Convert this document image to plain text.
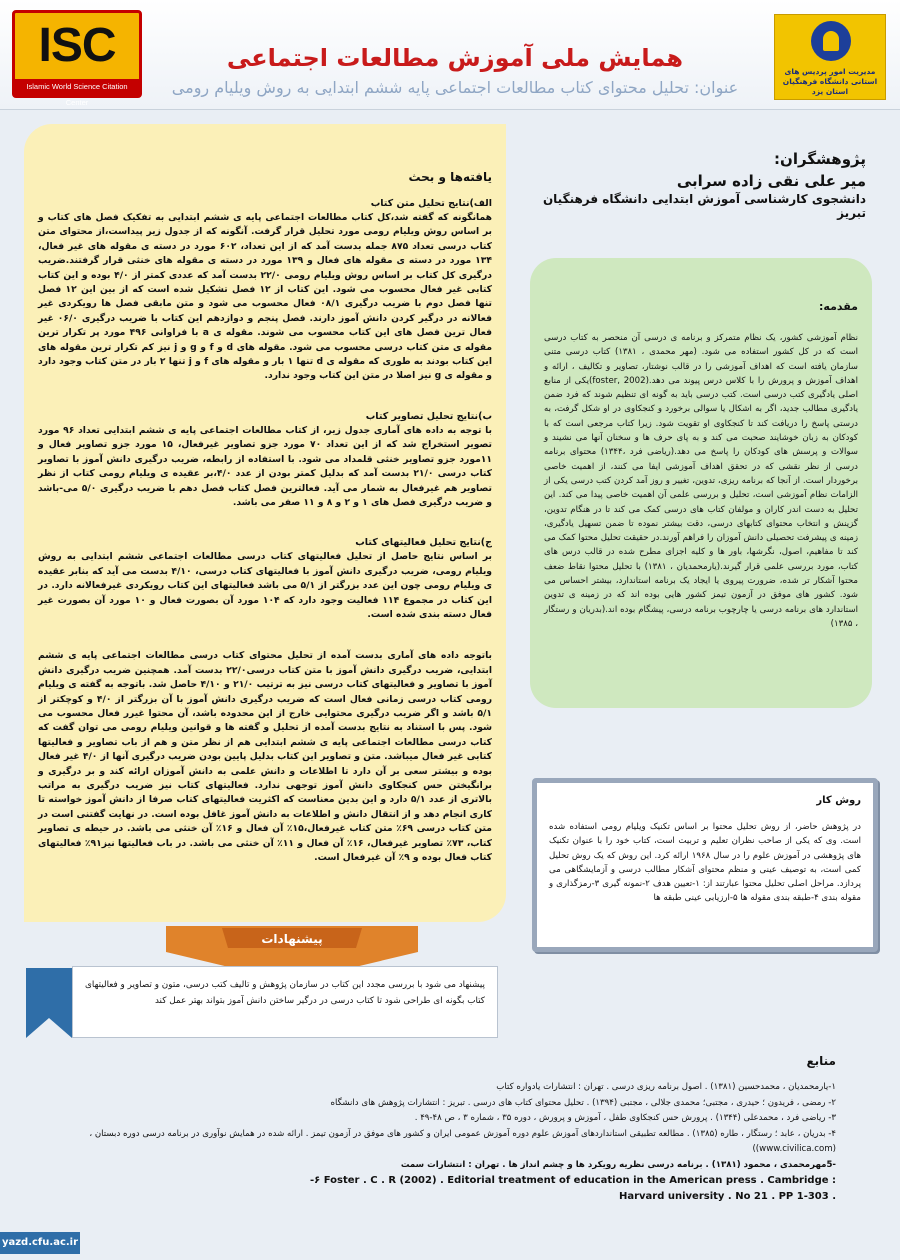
ISC
Islamic World Science Citation Center
همایش ملی آموزش مطالعات اجتماعی
عنوان: تحلیل محتوای کتاب مطالعات اجتماعی پایه ششم ابتدایی به روش ویلیام رومی
مدیریت امور پردیس های استانی دانشگاه فرهنگیان استان یزد
یافته‌ها و بحث
الف)نتایج تحلیل متن کتاب

همانگونه که گفته شد،کل کتاب مطالعات اجتماعی پایه ی ششم ابتدایی به تفکیک فصل های کتاب و بر اساس روش ویلیام رومی مورد تحلیل قرار گرفت. آنگونه که از جدول زیر پیداست،از محتوای متن کتاب درسی تعداد ۸۷۵ جمله بدست آمد که از این تعداد، ۶۰۲ مورد در دسته ی مقوله های غیر فعال، ۱۳۴ مورد در دسته ی مقوله های فعال و ۱۳۹ مورد در دسته ی مقوله های خنثی قرار گرفتند.ضریب درگیری کل کتاب بر اساس روش ویلیام رومی ۲۲/۰ بدست آمد که عددی کمتر از ۴/۰ بوده و این کتاب کتابی غیر فعال محسوب می شود. این کتاب از ۱۲ فصل تشکیل شده است که از بین این ۱۲ فصل تنها فصل دوم با ضریب درگیری ۰۸/۱ فعال محسوب می شود و متن مابقی فصل ها رویکردی غیر فعالانه در درگیر کردن دانش آموز دارند. فصل پنجم و دوازدهم این کتاب با ضریب درگیری ۰۶/۰ غیر فعال ترین فصل های این کتاب محسوب می شوند. مقوله ی a با فراوانی ۴۹۶ مورد پر تکرار ترین مقوله ی متن کتاب درسی محسوب می شود. مقوله های d و f و g و j نیز کم تکرار ترین مقوله های این کتاب بودند به طوری که مقوله ی d تنها ۱ بار و مقوله های f و j تنها ۲ بار در متن کتاب وجود دارد و مقوله ی g نیز اصلا در متن این کتاب وجود ندارد.

ب)نتایج تحلیل تصاویر کتاب

با توجه به داده های آماری جدول زیر، از کتاب مطالعات اجتماعی پایه ی ششم ابتدایی تعداد ۹۶ مورد تصویر استخراج شد که از این تعداد ۷۰ مورد جزو تصاویر غیرفعال، ۱۵ مورد جزو تصاویر فعال و ۱۱مورد جزو تصاویر خنثی قلمداد می شود. با استفاده از رابطه، ضریب درگیری دانش آموز با تصاویر کتاب درسی ۲۱/۰ بدست آمد که بدلیل کمتر بودن از عدد ۴/۰،بر عقیده ی ویلیام رومی کتاب از نظر تصاویر هم غیرفعال به شمار می آید. فعالترین فصل کتاب فصل دهم با ضریب درگیری ۵/۰ می-باشد و ضریب درگیری فصل های ۱ و ۲ و ۸ و ۱۱ صفر می باشد.

ج)نتایج تحلیل فعالیتهای کتاب

بر اساس نتایج حاصل از تحلیل فعالیتهای کتاب درسی مطالعات اجتماعی ششم ابتدایی به روش ویلیام رومی، ضریب درگیری دانش آموز با فعالیتهای کتاب درسی، ۴/۱۰ بدست می آید که بنابر عقیده ی ویلیام رومی چون این عدد بزرگتر از ۵/۱ می باشد فعالیتهای این کتاب رویکردی غیرفعالانه دارد. در این کتاب در مجموع ۱۱۴ فعالیت وجود دارد که ۱۰۴ مورد آن بصورت فعال و ۱۰ مورد آن بصورت غیر فعال دسته بندی شده است.

باتوجه داده های آماری بدست آمده از تحلیل محتوای کتاب درسی مطالعات اجتماعی پایه ی ششم ابتدایی، ضریب درگیری دانش آموز با متن کتاب درسی۲۲/۰ بدست آمد. همچنین ضریب درگیری دانش آموز با تصاویر و فعالیتهای کتاب درسی نیز به ترتیب ۲۱/۰ و ۴/۱۰ حاصل شد. باتوجه به گفته ی ویلیام رومی کتاب درسی زمانی فعال است که ضریب درگیری دانش آموز با آن بزرگتر از ۴/۰ و کوچکتر از ۵/۱ باشد و اگر ضریب درگیری محتوایی خارج از این محدوده باشد، آن محتوا غیرر فعال محسوب می شود. پس با استناد به نتایج بدست آمده از تحلیل و گفته ها و قوانین ویلیام رومی می توان گفت که کتاب درسی مطالعات اجتماعی پایه ی ششم ابتدایی هم از نظر متن و هم از باب تصاویر و فعالیتها کتابی غیر فعال میباشد. متن و تصاویر این کتاب بدلیل پایین بودن ضریب درگیری آنها از ۴/۰ غیر فعال بوده و بیشتر سعی بر آن دارد تا اطلاعات و دانش علمی به دانش آموزان ارائه کند و بر درگیری و برانگیختن حس کنجکاوی دانش آموز توجهی ندارد. فعالیتهای کتاب نیز ضریب درگیری به مراتب بالاتری از عدد ۵/۱ دارد و این بدین معناست که اکثریت فعالیتهای کتاب صرفا از دانش آموز خواسته تا کاری انجام دهد و از انتقال دانش و اطلاعات به دانش آموز غافل بوده است. در نهایت گفتنی است در متن کتاب درسی ۶۹٪ متن کتاب غیرفعال،۱۵٪ آن فعال و ۱۶٪ آن خنثی می باشد. در حیطه ی تصاویر کتاب، ۷۳٪ تصاویر غیرفعال، ۱۶٪ آن فعال و ۱۱٪ آن خنثی می باشد. در باب فعالیتها نیز۹۱٪ فعالیتهای کتاب فعال بوده و ۹٪ آن غیرفعال است.

پژوهشگران:
میر علی نقی زاده سرابی
دانشجوی کارشناسی آموزش ابتدایی دانشگاه فرهنگیان تبریز
مقدمه:

نظام آموزشی کشور، یک نظام متمرکز و برنامه ی درسی آن منحصر به کتاب درسی است که در کل کشور استفاده می شود. (مهر محمدی ، ۱۳۸۱) کتاب درسی متنی سازمان یافته است که اهداف آموزشی را در قالب نوشتار، تصاویر و تکالیف ، ارائه و اهداف آموزش و پرورش را با کلاس درس پیوند می دهد.(foster, 2002)یکی از منابع اصلی یادگیری کتب درسی است. کتب درسی باید به گونه ای تنظیم شوند که فرد ضمن یادگیری مطالب جدید، اگر به اشکال یا سوالی برخورد و کنجکاوی در او شکل گرفت، به درستی پاسخ را دریافت کند تا کنجکاوی او تقویت شود. زیرا کتاب مرجعی است که با کودکان به زبان خوشایند صحبت می کند و به پای حرف ها و سخنان آنها می نشیند و سوالات و پرسش های کودکان را پاسخ می دهد.(ریاضی فرد ،۱۳۴۴) محتوای برنامه درسی از نظر نقشی که در تحقق اهداف آموزشی ایفا می کنند، از اهمیت خاصی برخوردار است. از آنجا که برنامه ریزی، تدوین، تغییر و روز آمد کردن کتب درسی یکی از الزامات نظام آموزشی است، تحلیل و بررسی علمی آن اهمیت خاصی پیدا می کند. این تحلیل به دست اندر کاران و مولفان کتاب های درسی کمک می کند تا در هنگام تدوین، گزینش و انتخاب محتوای کتابهای درسی، دقت بیشتر نموده تا ضمن تسهیل یادگیری، زمینه ی پیشرفت تحصیلی دانش آموزان را فراهم آورند.در حقیقت تحلیل محتوا کمک می کند تا مفاهیم، اصول، نگرشها، باور ها و کلیه اجزای مطرح شده در قالب درس های کتاب، مورد بررسی علمی قرار گیرند.(یارمحمدیان ، ۱۳۸۱) با تحلیل محتوا نقاط ضعف محتوا آشکار تر شده، ضرورت پیروی یا ایجاد یک برنامه استاندارد، بیشتر احساس می شود. کشور های موفق در آزمون تیمز کشور هایی بوده اند که در زمینه ی تدوین استاندارد های برنامه درسی یا چارچوب برنامه درسی، پیشگام بوده اند.(بدریان و رستگار ، ۱۳۸۵)

روش کار

در پژوهش حاضر، از روش تحلیل محتوا بر اساس تکنیک ویلیام رومی استفاده شده است. وی که یکی از صاحب نظران تعلیم و تربیت است، کتاب خود را با عنوان تکنیک های پژوهشی در آموزش علوم را در سال ۱۹۶۸ ارائه کرد. این روش که یک روش تحلیل کمی است، به توصیف عینی و منظم محتوای آشکار مطالب درسی و آزمایشگاهی می پردازد. مراحل اصلی تحلیل محتوا عبارتند از: ۱-تعیین هدف ۲-نمونه گیری ۳-رمزگذاری و مقوله بندی ۴-طبقه بندی مقوله ها ۵-ارزیابی عینی طبقه ها

پیشنهادات

پیشنهاد می شود با بررسی مجدد این کتاب در سازمان پژوهش و تالیف کتب درسی، متون و تصاویر و فعالیتهای کتاب بگونه ای طراحی شود تا کتاب درسی در درگیر ساختن دانش آموز بتواند بهتر عمل کند

منابع
۱-یارمحمدیان ، محمدحسین (۱۳۸۱) . اصول برنامه ریزی درسی . تهران : انتشارات یادواره کتاب
۲- رمضی ، فریدون ؛ حیدری ، مجتبی؛ محمدی جلالی ، مجتبی (۱۳۹۴) . تحلیل محتوای کتاب های درسی . تبریز : انتشارات پژوهش های دانشگاه
۳- ریاضی فرد ، محمدعلی (۱۳۴۴) . پرورش حس کنجکاوی طفل ، آموزش و پرورش ، دوره ۳۵ ، شماره ۳ ، ص ۴۸-۴۹ .
۴- بدریان ، عابد ؛ رستگار ، طاره (۱۳۸۵) . مطالعه تطبیقی استانداردهای آموزش علوم دوره آموزش عمومی ایران و کشور های موفق در آزمون تیمز . ارائه شده در همایش نوآوری در برنامه درسی دوره دبستان ، (www.civilica.com))
-5مهرمحمدی ، محمود (۱۳۸۱) . برنامه درسی نظریه رویکرد ها و چشم انداز ها . تهران : انتشارات سمت
-۶ Foster . C . R (2002) . Editorial treatment of education in the American press . Cambridge :
Harvard university . No 21 . PP 1-303 .
yazd.cfu.ac.ir
